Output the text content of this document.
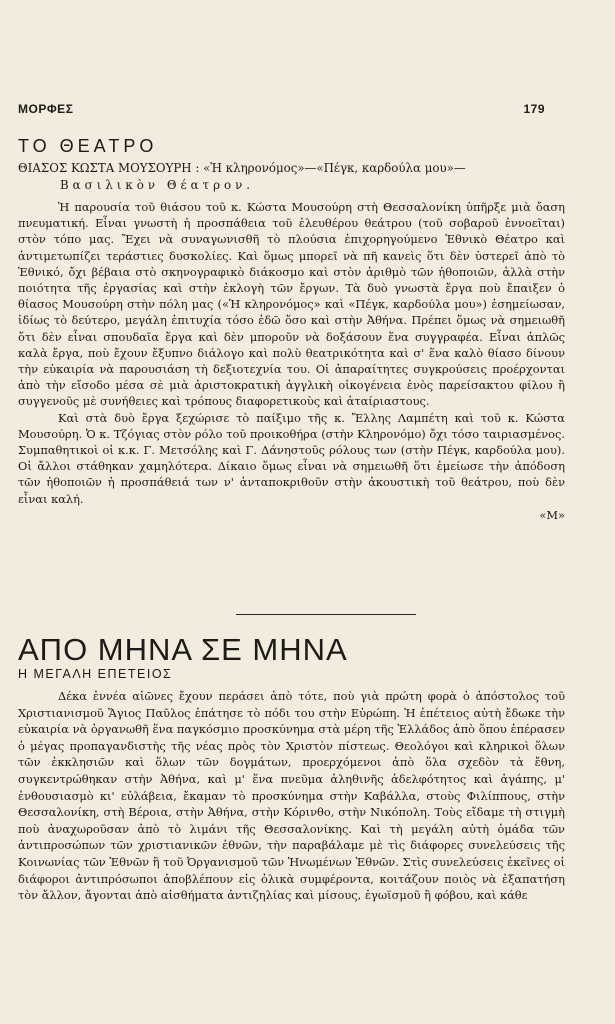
ΜΟΡΦΕΣ	179
ΤΟ ΘΕΑΤΡΟ
ΘΙΑΣΟΣ ΚΩΣΤΑ ΜΟΥΣΟΥΡΗ : «Ἡ κληρονόμος»—«Πέγκ, καρδούλα μου»—
Βασιλικὸν Θέατρον.

Ἡ παρουσία τοῦ θιάσου τοῦ κ. Κώστα Μουσούρη στὴ Θεσσαλονίκη ὑπῆρξε μιὰ ὄαση πνευματική. Εἶναι γνωστὴ ἡ προσπάθεια τοῦ ἐλευθέρου θεάτρου (τοῦ σοβαροῦ ἐννοεῖται) στὸν τόπο μας. Ἔχει νὰ συναγωνισθῆ τὸ πλούσια ἐπιχορηγούμενο Ἐθνικὸ Θέατρο καὶ ἀντιμετωπίζει τεράστιες δυσκολίες. Καὶ ὅμως μπορεῖ νὰ πῆ κανεὶς ὅτι δὲν ὑστερεῖ ἀπὸ τὸ Ἐθνικό, ὄχι βέβαια στὸ σκηνογραφικὸ διάκοσμο καὶ στὸν ἀριθμὸ τῶν ἠθοποιῶν, ἀλλὰ στὴν ποιότητα τῆς ἐργασίας καὶ στὴν ἐκλογὴ τῶν ἔργων. Τὰ δυὸ γνωστὰ ἔργα ποὺ ἔπαιξεν ὁ θίασος Μουσούρη στὴν πόλη μας («Ἡ κληρονόμος» καὶ «Πέγκ, καρδούλα μου») ἐσημείωσαν, ἰδίως τὸ δεύτερο, μεγάλη ἐπιτυχία τόσο ἐδῶ ὅσο καὶ στὴν Ἀθήνα. Πρέπει ὅμως νὰ σημειωθῆ ὅτι δὲν εἶναι σπουδαῖα ἔργα καὶ δὲν μποροῦν νὰ δοξάσουν ἕνα συγγραφέα. Εἶναι ἁπλῶς καλὰ ἔργα, ποὺ ἔχουν ἔξυπνο διάλογο καὶ πολὺ θεατρικότητα καὶ σ' ἕνα καλὸ θίασο δίνουν τὴν εὐκαιρία νὰ παρουσιάση τὴ δεξιοτεχνία του. Οἱ ἀπαραίτητες συγκρούσεις προέρχονται ἀπὸ τὴν εἴσοδο μέσα σὲ μιὰ ἀριστοκρατικὴ ἀγγλικὴ οἰκογένεια ἑνὸς παρείσακτου φίλου ἢ συγγενοῦς μὲ συνήθειες καὶ τρόπους διαφορετικοὺς καὶ ἀταίριαστους.

Καὶ στὰ δυὸ ἔργα ξεχώρισε τὸ παίξιμο τῆς κ. Ἔλλης Λαμπέτη καὶ τοῦ κ. Κώστα Μουσούρη. Ὁ κ. Τζόγιας στὸν ρόλο τοῦ προικοθήρα (στὴν Κληρονόμο) ὄχι τόσο ταιριασμένος. Συμπαθητικοὶ οἱ κ.κ. Γ. Μετσόλης καὶ Γ. Δάνηστοῦς ρόλους των (στὴν Πέγκ, καρδούλα μου). Οἱ ἄλλοι στάθηκαν χαμηλότερα. Δίκαιο ὅμως εἶναι νὰ σημειωθῆ ὅτι ἐμείωσε τὴν ἀπόδοση τῶν ἠθοποιῶν ἡ προσπάθειά των ν' ἀνταποκριθοῦν στὴν ἀκουστικὴ τοῦ θεάτρου, ποὺ δὲν εἶναι καλή.

«Μ»
ΑΠΟ ΜΗΝΑ ΣΕ ΜΗΝΑ
Η ΜΕΓΑΛΗ ΕΠΕΤΕΙΟΣ

Δέκα ἐννέα αἰῶνες ἔχουν περάσει ἀπὸ τότε, ποὺ γιὰ πρώτη φορὰ ὁ ἀπόστολος τοῦ Χριστιανισμοῦ Ἅγιος Παῦλος ἐπάτησε τὸ πόδι του στὴν Εὐρώπη. Ἡ ἐπέτειος αὐτὴ ἔδωκε τὴν εὐκαιρία νὰ ὀργανωθῆ ἕνα παγκόσμιο προσκύνημα στὰ μέρη τῆς Ἑλλάδος ἀπὸ ὅπου ἐπέρασεν ὁ μέγας προπαγανδιστὴς τῆς νέας πρὸς τὸν Χριστὸν πίστεως. Θεολόγοι καὶ κληρικοὶ ὅλων τῶν ἐκκλησιῶν καὶ ὅλων τῶν δογμάτων, προερχόμενοι ἀπὸ ὅλα σχεδὸν τὰ ἔθνη, συγκεντρώθηκαν στὴν Ἀθήνα, καὶ μ' ἕνα πνεῦμα ἀληθινῆς ἀδελφότητος καὶ ἀγάπης, μ' ἐνθουσιασμὸ κι' εὐλάβεια, ἔκαμαν τὸ προσκύνημα στὴν Καβάλλα, στοὺς Φιλίππους, στὴν Θεσσαλονίκη, στὴ Βέροια, στὴν Ἀθήνα, στὴν Κόρινθο, στὴν Νικόπολη. Τοὺς εἴδαμε τὴ στιγμὴ ποὺ ἀναχωροῦσαν ἀπὸ τὸ λιμάνι τῆς Θεσσαλονίκης. Καὶ τὴ μεγάλη αὐτὴ ὁμάδα τῶν ἀντιπροσώπων τῶν χριστιανικῶν ἐθνῶν, τὴν παραβάλαμε μὲ τὶς διάφορες συνελεύσεις τῆς Κοινωνίας τῶν Ἐθνῶν ἢ τοῦ Ὀργανισμοῦ τῶν Ἡνωμένων Ἐθνῶν. Στὶς συνελεύσεις ἐκεῖνες οἱ διάφοροι ἀντιπρόσωποι ἀποβλέπουν εἰς ὁλικὰ συμφέροντα, κοιτάζουν ποιὸς νὰ ἐξαπατήση τὸν ἄλλον, ἄγονται ἀπὸ αἰσθήματα ἀντιζηλίας καὶ μίσους, ἐγωϊσμοῦ ἢ φόβου, καὶ κάθε
